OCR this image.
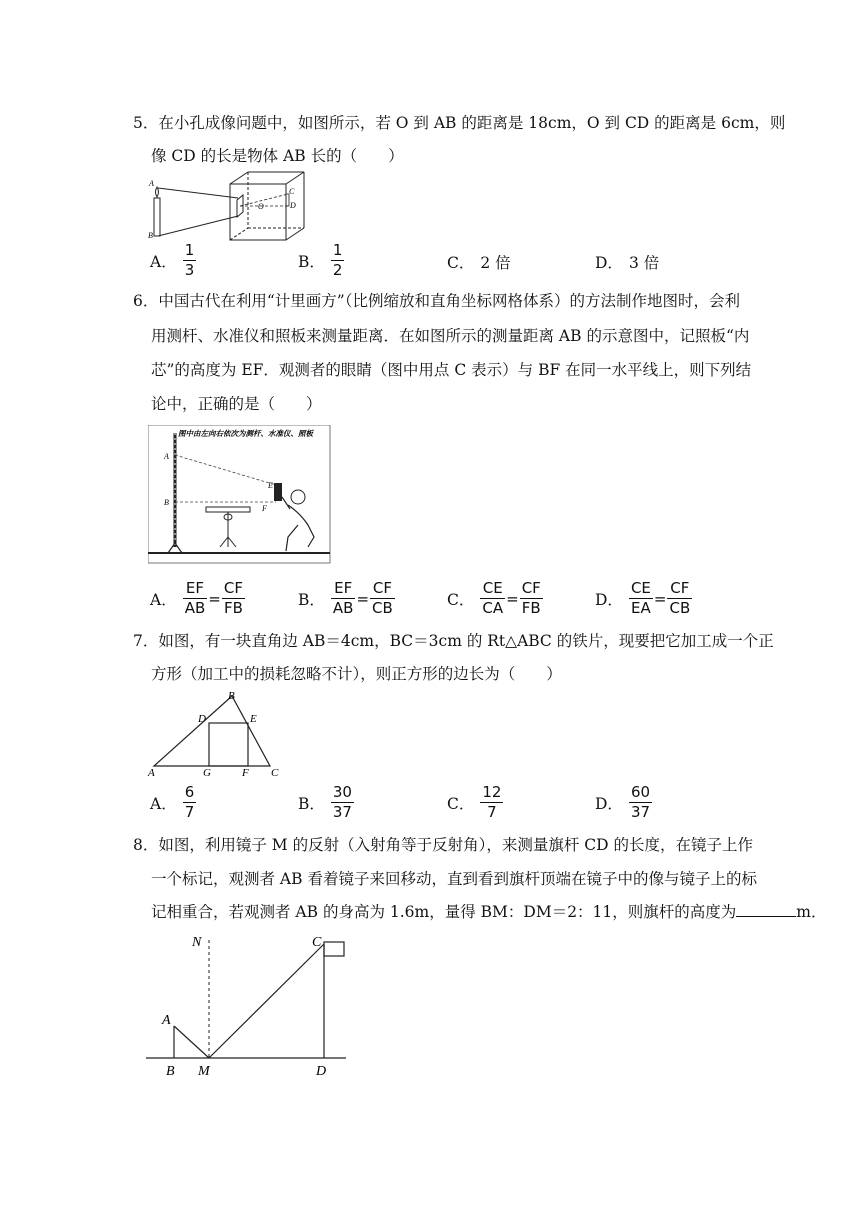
5．在小孔成像问题中，如图所示，若 O 到 AB 的距离是 18cm，O 到 CD 的距离是 6cm，则
像 CD 的长是物体 AB 长的（　　）
A
B
C
D
O
A． $\frac{1}{3}$	B． $\frac{1}{2}$	C． 2 倍	D． 3 倍
6．中国古代在利用“计里画方”（比例缩放和直角坐标网格体系）的方法制作地图时，会利
用测杆、水准仪和照板来测量距离．在如图所示的测量距离 AB 的示意图中，记照板“内
芯”的高度为 EF．观测者的眼睛（图中用点 C 表示）与 BF 在同一水平线上，则下列结
论中，正确的是（　　）
图中由左向右依次为测杆、水准仪、照板
A
B
E
F
A． $\frac{EF}{AB} = \frac{CF}{FB}$	B． $\frac{EF}{AB} = \frac{CF}{CB}$	C． $\frac{CE}{CA} = \frac{CF}{FB}$	D． $\frac{CE}{EA} = \frac{CF}{CB}$
7．如图，有一块直角边 AB＝4cm，BC＝3cm 的 Rt△ABC 的铁片，现要把它加工成一个正
方形（加工中的损耗忽略不计），则正方形的边长为（　　）
B
D	E
A	G	F C
A． $\frac{6}{7}$	B． $\frac{30}{37}$	C． $\frac{12}{7}$	D． $\frac{60}{37}$
8．如图，利用镜子 M 的反射（入射角等于反射角），来测量旗杆 CD 的长度，在镜子上作
一个标记，观测者 AB 看着镜子来回移动，直到看到旗杆顶端在镜子中的像与镜子上的标
记相重合，若观测者 AB 的身高为 1.6m，量得 BM：DM＝2：11，则旗杆的高度为	m．
N	C
A
B M	D
